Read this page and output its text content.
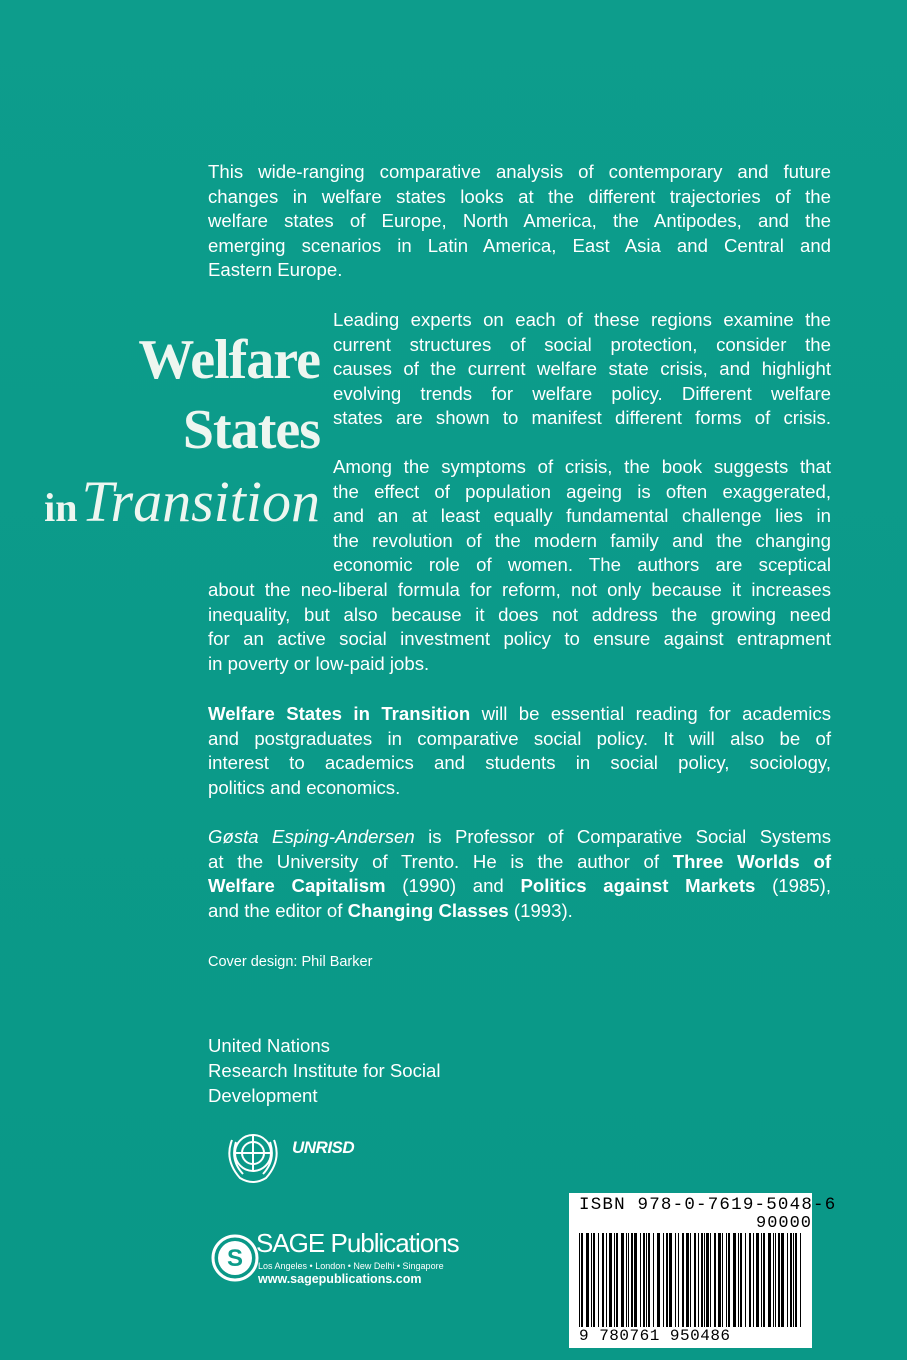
Welfare
States
in Transition
This wide-ranging comparative analysis of contemporary and future
changes in welfare states looks at the different trajectories of the
welfare states of Europe, North America, the Antipodes, and the
emerging scenarios in Latin America, East Asia and Central and
Eastern Europe.
Leading experts on each of these regions examine the
current structures of social protection, consider the
causes of the current welfare state crisis, and highlight
evolving trends for welfare policy. Different welfare
states are shown to manifest different forms of crisis.
Among the symptoms of crisis, the book suggests that
the effect of population ageing is often exaggerated,
and an at least equally fundamental challenge lies in
the revolution of the modern family and the changing
economic role of women. The authors are sceptical
about the neo-liberal formula for reform, not only because it increases
inequality, but also because it does not address the growing need
for an active social investment policy to ensure against entrapment
in poverty or low-paid jobs.
Welfare States in Transition will be essential reading for academics
and postgraduates in comparative social policy. It will also be of
interest to academics and students in social policy, sociology,
politics and economics.
Gøsta Esping-Andersen is Professor of Comparative Social Systems
at the University of Trento. He is the author of Three Worlds of
Welfare Capitalism (1990) and Politics against Markets (1985),
and the editor of Changing Classes (1993).
Cover design: Phil Barker
United Nations
Research Institute for Social
Development
UNRISD
S
SAGE Publications
Los Angeles • London • New Delhi • Singapore
www.sagepublications.com
ISBN 978-0-7619-5048-6
90000
9 780761 950486
